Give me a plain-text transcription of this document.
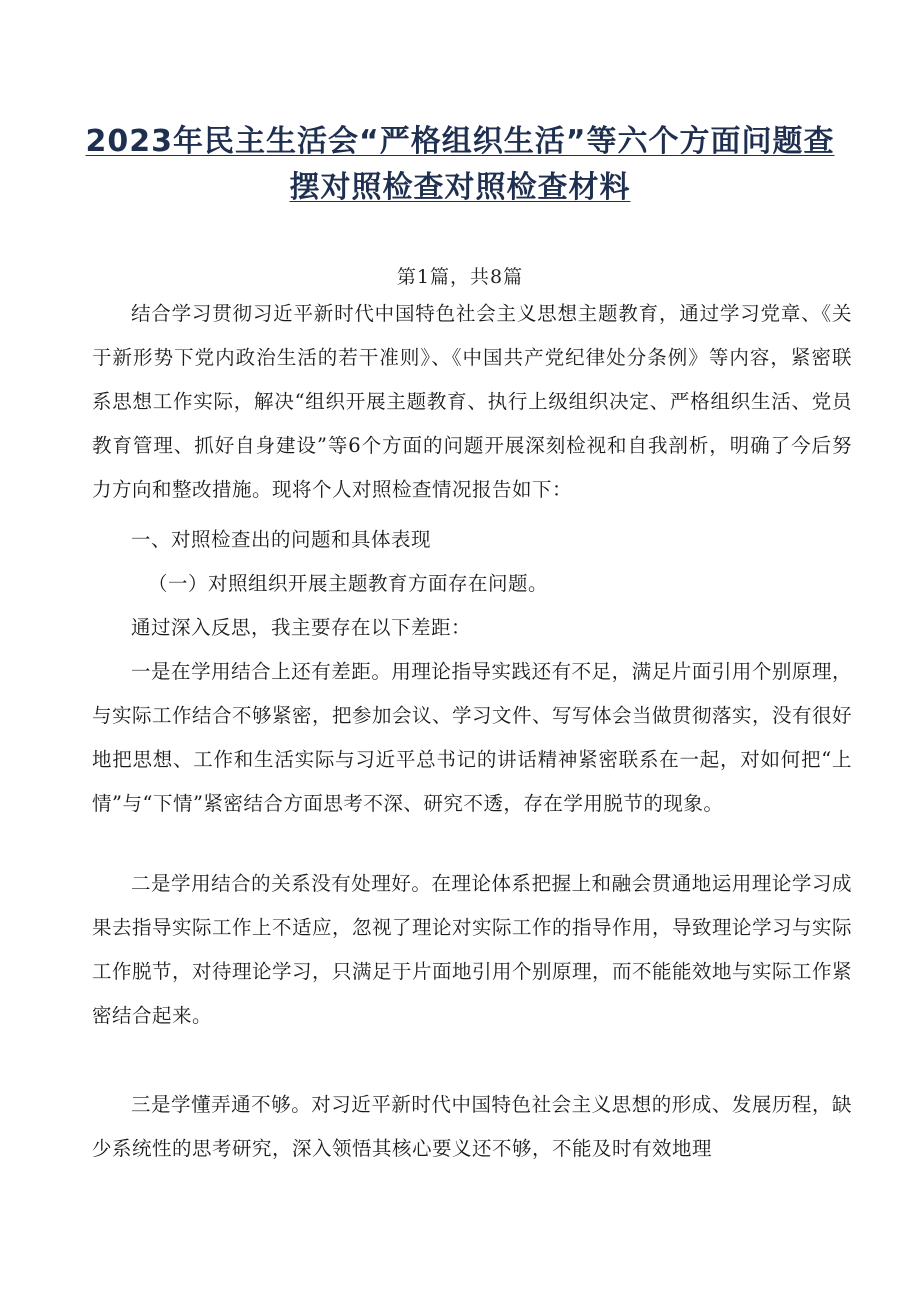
2023年民主生活会“严格组织生活”等六个方面问题查
摆对照检查对照检查材料
第1篇，共8篇

结合学习贯彻习近平新时代中国特色社会主义思想主题教育，通过学习党章、《关于新形势下党内政治生活的若干准则》、《中国共产党纪律处分条例》等内容，紧密联系思想工作实际，解决“组织开展主题教育、执行上级组织决定、严格组织生活、党员教育管理、抓好自身建设”等6个方面的问题开展深刻检视和自我剖析，明确了今后努力方向和整改措施。现将个人对照检查情况报告如下：

一、对照检查出的问题和具体表现

（一）对照组织开展主题教育方面存在问题。

通过深入反思，我主要存在以下差距：

一是在学用结合上还有差距。用理论指导实践还有不足，满足片面引用个别原理，与实际工作结合不够紧密，把参加会议、学习文件、写写体会当做贯彻落实，没有很好地把思想、工作和生活实际与习近平总书记的讲话精神紧密联系在一起，对如何把“上情”与“下情”紧密结合方面思考不深、研究不透，存在学用脱节的现象。

二是学用结合的关系没有处理好。在理论体系把握上和融会贯通地运用理论学习成果去指导实际工作上不适应，忽视了理论对实际工作的指导作用，导致理论学习与实际工作脱节，对待理论学习，只满足于片面地引用个别原理，而不能能效地与实际工作紧密结合起来。

三是学懂弄通不够。对习近平新时代中国特色社会主义思想的形成、发展历程，缺少系统性的思考研究，深入领悟其核心要义还不够，不能及时有效地理
